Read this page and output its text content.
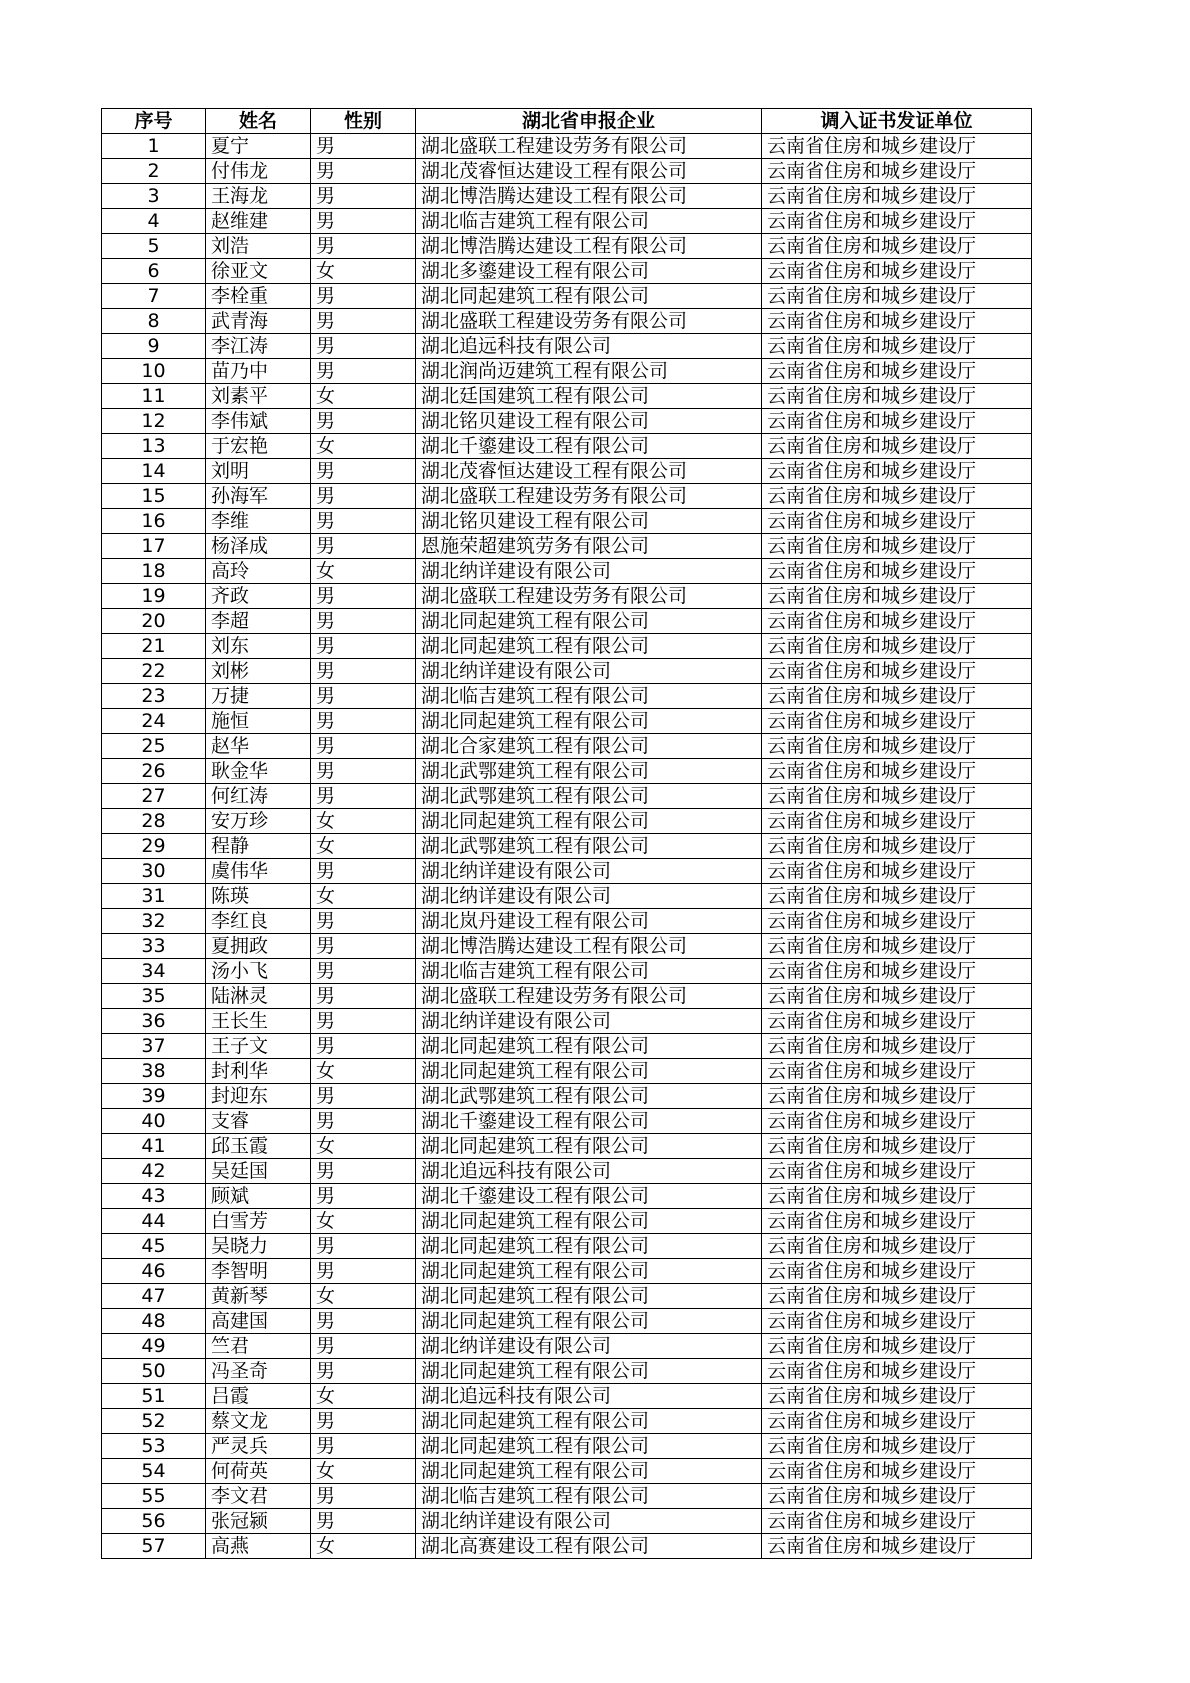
序号	姓名	性别	湖北省申报企业	调入证书发证单位
1	夏宁	男	湖北盛联工程建设劳务有限公司	云南省住房和城乡建设厅
2	付伟龙	男	湖北茂睿恒达建设工程有限公司	云南省住房和城乡建设厅
3	王海龙	男	湖北博浩腾达建设工程有限公司	云南省住房和城乡建设厅
4	赵维建	男	湖北临吉建筑工程有限公司	云南省住房和城乡建设厅
5	刘浩	男	湖北博浩腾达建设工程有限公司	云南省住房和城乡建设厅
6	徐亚文	女	湖北多鎏建设工程有限公司	云南省住房和城乡建设厅
7	李栓重	男	湖北同起建筑工程有限公司	云南省住房和城乡建设厅
8	武青海	男	湖北盛联工程建设劳务有限公司	云南省住房和城乡建设厅
9	李江涛	男	湖北追远科技有限公司	云南省住房和城乡建设厅
10	苗乃中	男	湖北润尚迈建筑工程有限公司	云南省住房和城乡建设厅
11	刘素平	女	湖北廷国建筑工程有限公司	云南省住房和城乡建设厅
12	李伟斌	男	湖北铭贝建设工程有限公司	云南省住房和城乡建设厅
13	于宏艳	女	湖北千鎏建设工程有限公司	云南省住房和城乡建设厅
14	刘明	男	湖北茂睿恒达建设工程有限公司	云南省住房和城乡建设厅
15	孙海军	男	湖北盛联工程建设劳务有限公司	云南省住房和城乡建设厅
16	李维	男	湖北铭贝建设工程有限公司	云南省住房和城乡建设厅
17	杨泽成	男	恩施荣超建筑劳务有限公司	云南省住房和城乡建设厅
18	高玲	女	湖北纳详建设有限公司	云南省住房和城乡建设厅
19	齐政	男	湖北盛联工程建设劳务有限公司	云南省住房和城乡建设厅
20	李超	男	湖北同起建筑工程有限公司	云南省住房和城乡建设厅
21	刘东	男	湖北同起建筑工程有限公司	云南省住房和城乡建设厅
22	刘彬	男	湖北纳详建设有限公司	云南省住房和城乡建设厅
23	万捷	男	湖北临吉建筑工程有限公司	云南省住房和城乡建设厅
24	施恒	男	湖北同起建筑工程有限公司	云南省住房和城乡建设厅
25	赵华	男	湖北合家建筑工程有限公司	云南省住房和城乡建设厅
26	耿金华	男	湖北武鄂建筑工程有限公司	云南省住房和城乡建设厅
27	何红涛	男	湖北武鄂建筑工程有限公司	云南省住房和城乡建设厅
28	安万珍	女	湖北同起建筑工程有限公司	云南省住房和城乡建设厅
29	程静	女	湖北武鄂建筑工程有限公司	云南省住房和城乡建设厅
30	虞伟华	男	湖北纳详建设有限公司	云南省住房和城乡建设厅
31	陈瑛	女	湖北纳详建设有限公司	云南省住房和城乡建设厅
32	李红良	男	湖北岚丹建设工程有限公司	云南省住房和城乡建设厅
33	夏拥政	男	湖北博浩腾达建设工程有限公司	云南省住房和城乡建设厅
34	汤小飞	男	湖北临吉建筑工程有限公司	云南省住房和城乡建设厅
35	陆淋灵	男	湖北盛联工程建设劳务有限公司	云南省住房和城乡建设厅
36	王长生	男	湖北纳详建设有限公司	云南省住房和城乡建设厅
37	王子文	男	湖北同起建筑工程有限公司	云南省住房和城乡建设厅
38	封利华	女	湖北同起建筑工程有限公司	云南省住房和城乡建设厅
39	封迎东	男	湖北武鄂建筑工程有限公司	云南省住房和城乡建设厅
40	支睿	男	湖北千鎏建设工程有限公司	云南省住房和城乡建设厅
41	邱玉霞	女	湖北同起建筑工程有限公司	云南省住房和城乡建设厅
42	吴廷国	男	湖北追远科技有限公司	云南省住房和城乡建设厅
43	顾斌	男	湖北千鎏建设工程有限公司	云南省住房和城乡建设厅
44	白雪芳	女	湖北同起建筑工程有限公司	云南省住房和城乡建设厅
45	吴晓力	男	湖北同起建筑工程有限公司	云南省住房和城乡建设厅
46	李智明	男	湖北同起建筑工程有限公司	云南省住房和城乡建设厅
47	黄新琴	女	湖北同起建筑工程有限公司	云南省住房和城乡建设厅
48	高建国	男	湖北同起建筑工程有限公司	云南省住房和城乡建设厅
49	竺君	男	湖北纳详建设有限公司	云南省住房和城乡建设厅
50	冯圣奇	男	湖北同起建筑工程有限公司	云南省住房和城乡建设厅
51	吕霞	女	湖北追远科技有限公司	云南省住房和城乡建设厅
52	蔡文龙	男	湖北同起建筑工程有限公司	云南省住房和城乡建设厅
53	严灵兵	男	湖北同起建筑工程有限公司	云南省住房和城乡建设厅
54	何荷英	女	湖北同起建筑工程有限公司	云南省住房和城乡建设厅
55	李文君	男	湖北临吉建筑工程有限公司	云南省住房和城乡建设厅
56	张冠颍	男	湖北纳详建设有限公司	云南省住房和城乡建设厅
57	高燕	女	湖北高赛建设工程有限公司	云南省住房和城乡建设厅
